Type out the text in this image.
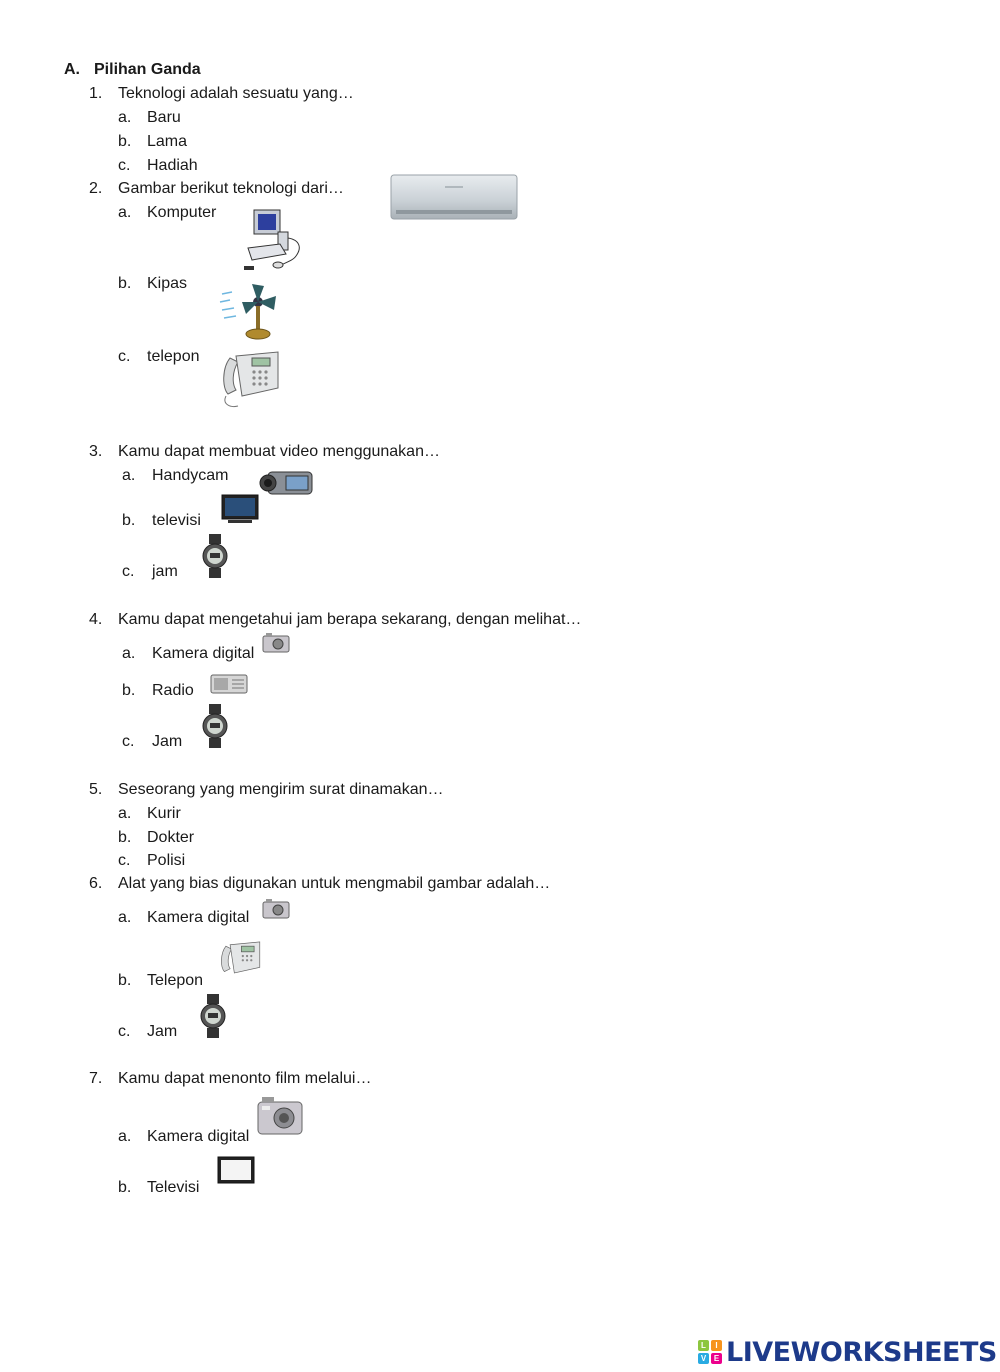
A. Pilihan Ganda
1. Teknologi adalah sesuatu yang…
a. Baru
b. Lama
c. Hadiah
2. Gambar berikut teknologi dari…
a. Komputer
b. Kipas
c. telepon
3. Kamu dapat membuat video menggunakan…
a. Handycam
b. televisi
c. jam
4. Kamu dapat mengetahui jam berapa sekarang, dengan melihat…
a. Kamera digital
b. Radio
c. Jam
5. Seseorang yang mengirim surat dinamakan…
a. Kurir
b. Dokter
c. Polisi
6. Alat yang bias digunakan untuk mengmabil gambar adalah…
a. Kamera digital
b. Telepon
c. Jam
7. Kamu dapat menonto film melalui…
a. Kamera digital
b. Televisi
L	I
V E LIVEWORKSHEETS
